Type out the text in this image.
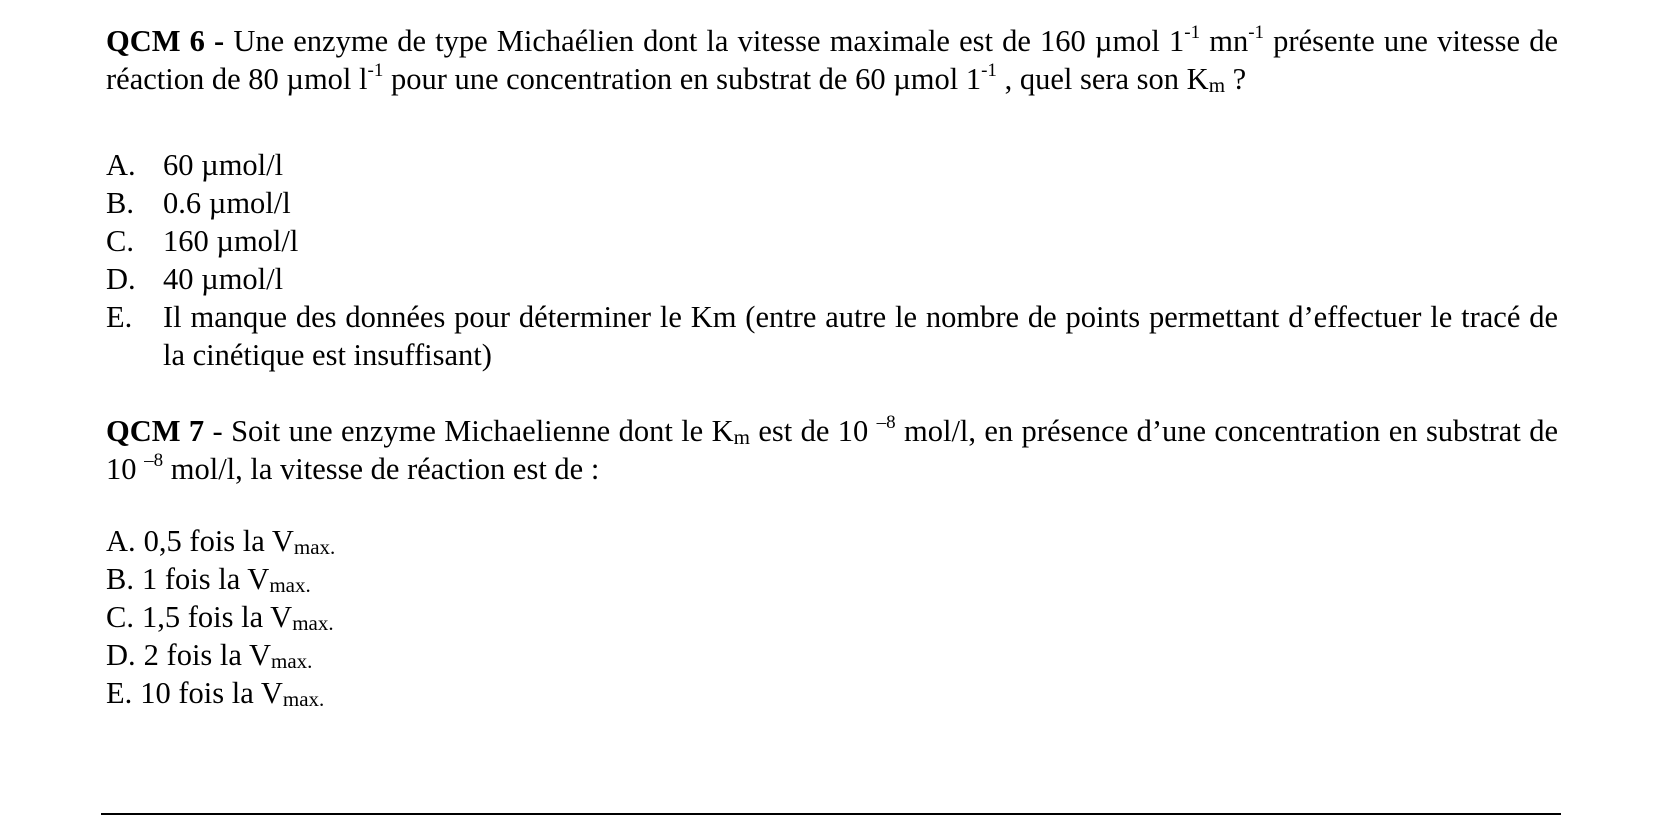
QCM 6 - Une enzyme de type Michaélien dont la vitesse maximale est de 160 µmol $1^{-1}$ $mn^{-1}$ présente une vitesse de réaction de 80 µmol $l^{-1}$ pour une concentration en substrat de 60 µmol $1^{-1}$ , quel sera son $K_m$ ?

A. 60 µmol/l
B. 0.6 µmol/l
C. 160 µmol/l
D. 40 µmol/l
E.	Il manque des données pour déterminer le Km (entre autre le nombre de points permettant d’effectuer le tracé de la cinétique est insuffisant)

QCM 7 - Soit une enzyme Michaelienne dont le $K_m$ est de 10 $^{-8}$ mol/l, en présence d’une concentration en substrat de 10 $^{-8}$ mol/l, la vitesse de réaction est de :

A. 0,5 fois la $V_{max.}$
B. 1 fois la $V_{max.}$
C. 1,5 fois la $V_{max.}$
D. 2 fois la $V_{max.}$
E. 10 fois la $V_{max.}$
